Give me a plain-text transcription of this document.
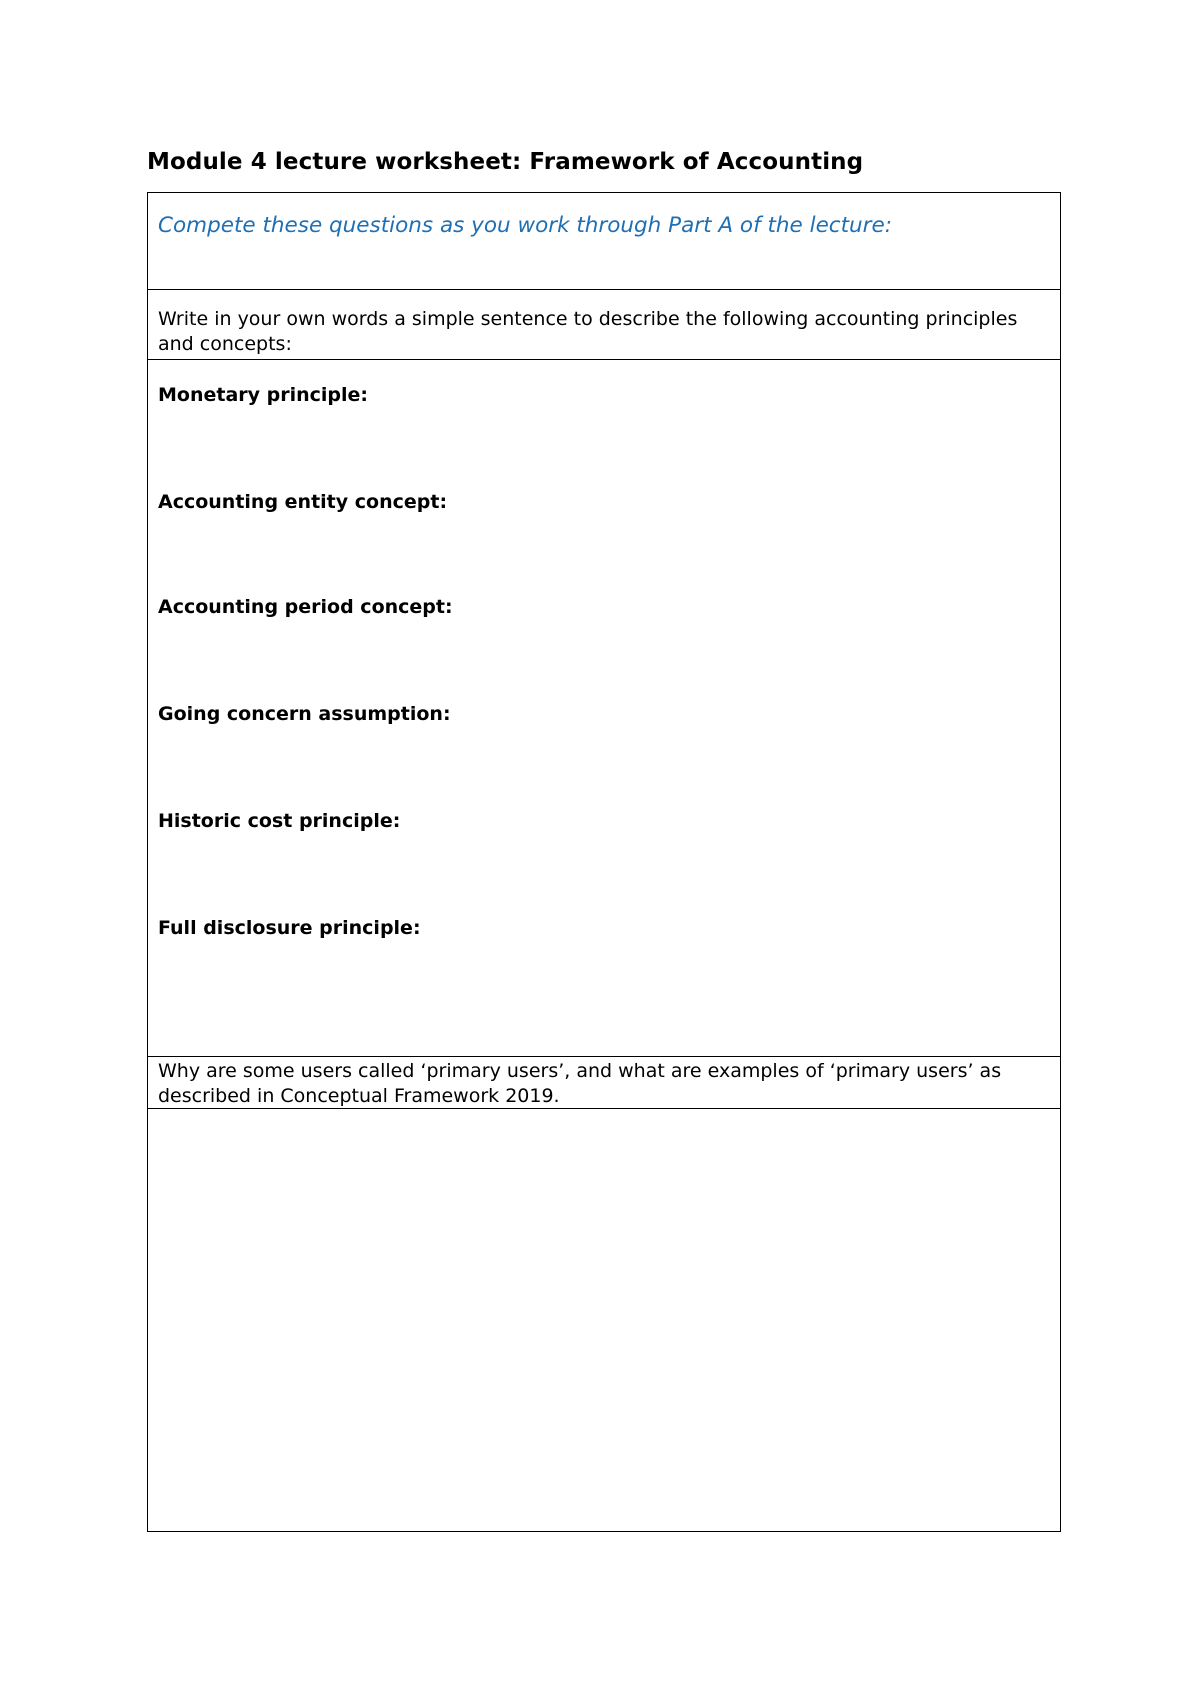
Module 4 lecture worksheet: Framework of Accounting
Compete these questions as you work through Part A of the lecture:
Write in your own words a simple sentence to describe the following accounting principles and concepts:
Monetary principle:
Accounting entity concept:
Accounting period concept:
Going concern assumption:
Historic cost principle:
Full disclosure principle:
Why are some users called ‘primary users’, and what are examples of ‘primary users’ as described in Conceptual Framework 2019.
